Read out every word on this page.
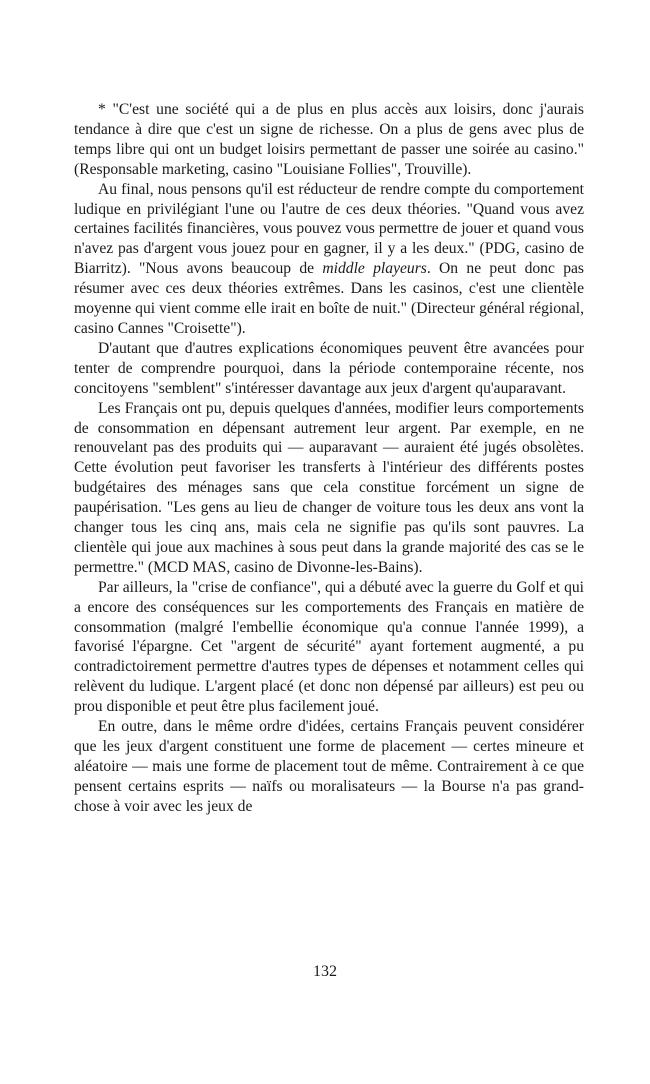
* "C'est une société qui a de plus en plus accès aux loisirs, donc j'aurais tendance à dire que c'est un signe de richesse. On a plus de gens avec plus de temps libre qui ont un budget loisirs permettant de passer une soirée au casino." (Responsable marketing, casino "Louisiane Follies", Trouville).

Au final, nous pensons qu'il est réducteur de rendre compte du comportement ludique en privilégiant l'une ou l'autre de ces deux théories. "Quand vous avez certaines facilités financières, vous pouvez vous permettre de jouer et quand vous n'avez pas d'argent vous jouez pour en gagner, il y a les deux." (PDG, casino de Biarritz). "Nous avons beaucoup de middle playeurs. On ne peut donc pas résumer avec ces deux théories extrêmes. Dans les casinos, c'est une clientèle moyenne qui vient comme elle irait en boîte de nuit." (Directeur général régional, casino Cannes "Croisette").

D'autant que d'autres explications économiques peuvent être avancées pour tenter de comprendre pourquoi, dans la période contemporaine récente, nos concitoyens "semblent" s'intéresser davantage aux jeux d'argent qu'auparavant.

Les Français ont pu, depuis quelques d'années, modifier leurs comportements de consommation en dépensant autrement leur argent. Par exemple, en ne renouvelant pas des produits qui — auparavant — auraient été jugés obsolètes. Cette évolution peut favoriser les transferts à l'intérieur des différents postes budgétaires des ménages sans que cela constitue forcément un signe de paupérisation. "Les gens au lieu de changer de voiture tous les deux ans vont la changer tous les cinq ans, mais cela ne signifie pas qu'ils sont pauvres. La clientèle qui joue aux machines à sous peut dans la grande majorité des cas se le permettre." (MCD MAS, casino de Divonne-les-Bains).

Par ailleurs, la "crise de confiance", qui a débuté avec la guerre du Golf et qui a encore des conséquences sur les comportements des Français en matière de consommation (malgré l'embellie économique qu'a connue l'année 1999), a favorisé l'épargne. Cet "argent de sécurité" ayant fortement augmenté, a pu contradictoirement permettre d'autres types de dépenses et notamment celles qui relèvent du ludique. L'argent placé (et donc non dépensé par ailleurs) est peu ou prou disponible et peut être plus facilement joué.

En outre, dans le même ordre d'idées, certains Français peuvent considérer que les jeux d'argent constituent une forme de placement — certes mineure et aléatoire — mais une forme de placement tout de même. Contrairement à ce que pensent certains esprits — naïfs ou moralisateurs — la Bourse n'a pas grand-chose à voir avec les jeux de

132
